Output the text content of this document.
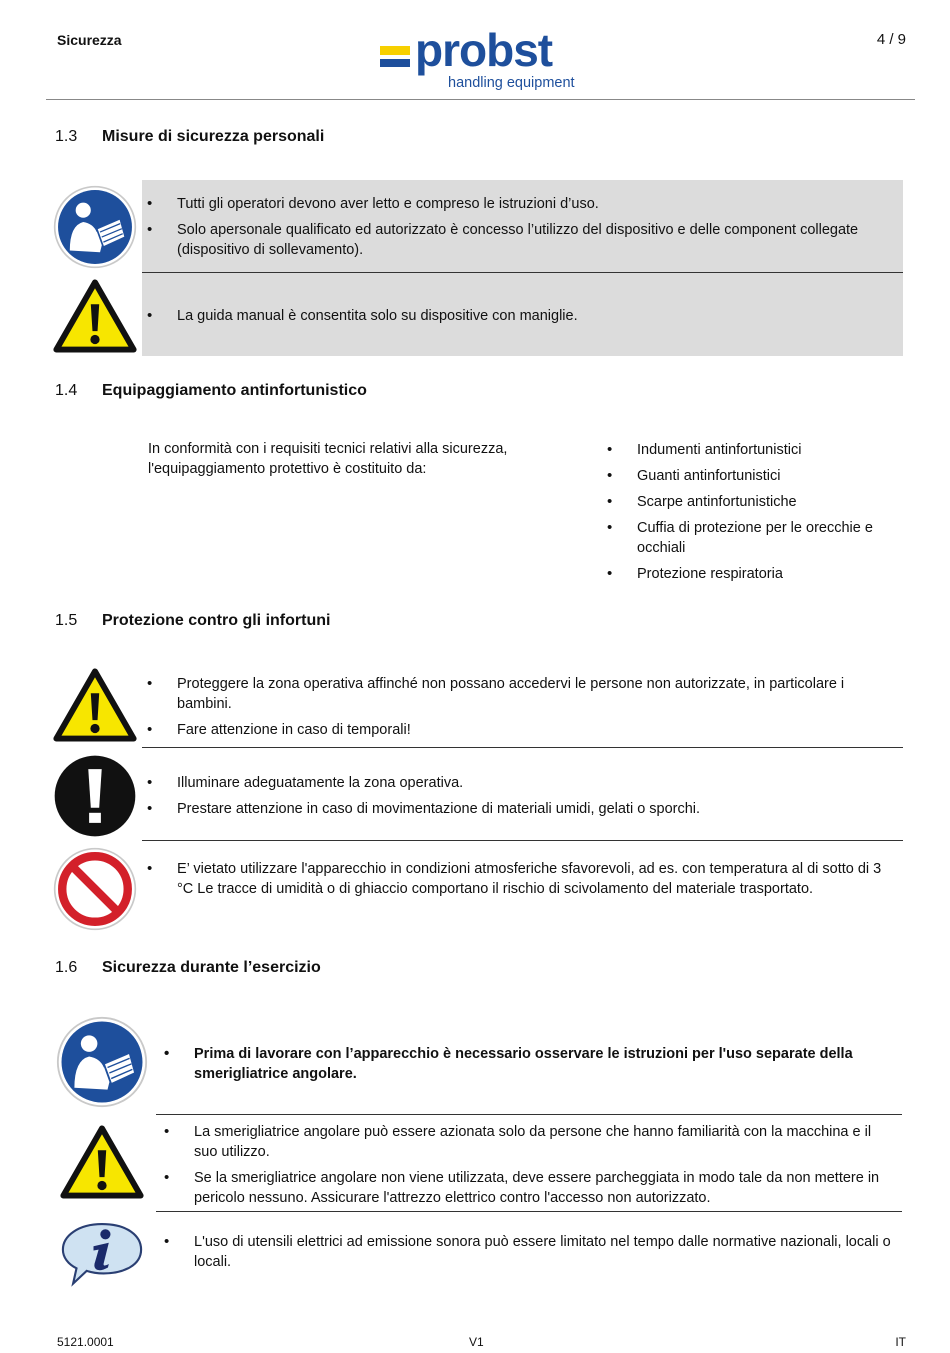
Sicurezza	4 / 9
probst
handling equipment
1.3 Misure di sicurezza personali
• Tutti gli operatori devono aver letto e compreso le istruzioni d’uso.
• Solo apersonale qualificato ed autorizzato è concesso l’utilizzo del dispositivo e delle component collegate (dispositivo di sollevamento).
• La guida manual è consentita solo su dispositive con maniglie.
1.4 Equipaggiamento antinfortunistico
In conformità con i requisiti tecnici relativi alla sicurezza, l'equipaggiamento protettivo è costituito da:
• Indumenti antinfortunistici
• Guanti antinfortunistici
• Scarpe antinfortunistiche
• Cuffia di protezione per le orecchie e occhiali
• Protezione respiratoria
1.5 Protezione contro gli infortuni
• Proteggere la zona operativa affinché non possano accedervi le persone non autorizzate, in particolare i bambini.
• Fare attenzione in caso di temporali!
• Illuminare adeguatamente la zona operativa.
• Prestare attenzione in caso di movimentazione di materiali umidi, gelati o sporchi.
• E’ vietato utilizzare l'apparecchio in condizioni atmosferiche sfavorevoli, ad es. con temperatura al di sotto di 3 °C Le tracce di umidità o di ghiaccio comportano il rischio di scivolamento del materiale trasportato.
1.6 Sicurezza durante l’esercizio
• Prima di lavorare con l’apparecchio è necessario osservare le istruzioni per l'uso separate della smerigliatrice angolare.
• La smerigliatrice angolare può essere azionata solo da persone che hanno familiarità con la macchina e il suo utilizzo.
• Se la smerigliatrice angolare non viene utilizzata, deve essere parcheggiata in modo tale da non mettere in pericolo nessuno. Assicurare l'attrezzo elettrico contro l'accesso non autorizzato.
• L'uso di utensili elettrici ad emissione sonora può essere limitato nel tempo dalle normative nazionali, locali o locali.
5121.0001	V1	IT
